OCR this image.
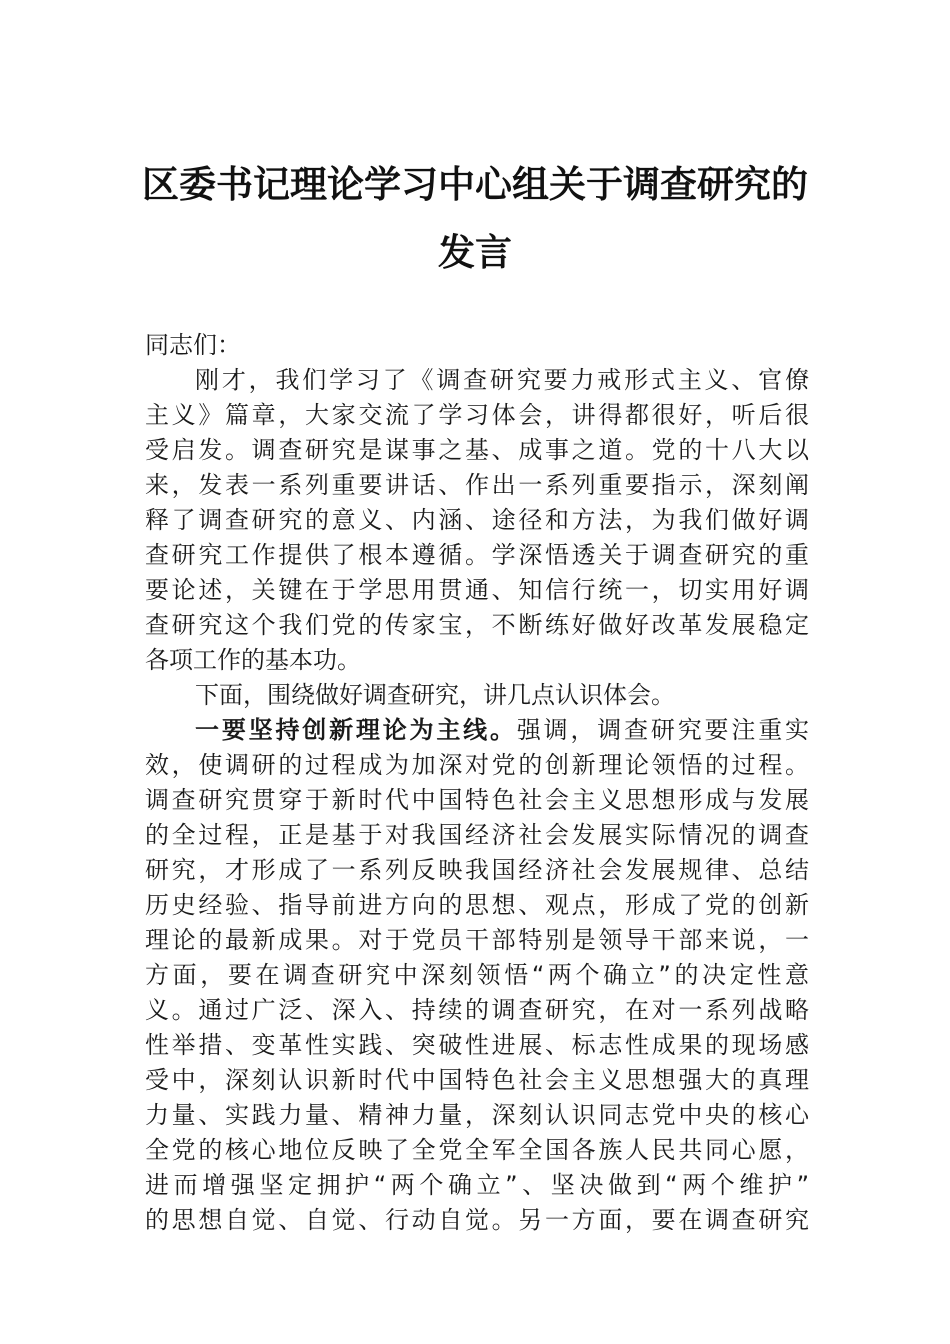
区委书记理论学习中心组关于调查研究的
发言
同志们：
刚才，我们学习了《调查研究要力戒形式主义、官僚
主义》篇章，大家交流了学习体会，讲得都很好，听后很
受启发。调查研究是谋事之基、成事之道。党的十八大以
来，发表一系列重要讲话、作出一系列重要指示，深刻阐
释了调查研究的意义、内涵、途径和方法，为我们做好调
查研究工作提供了根本遵循。学深悟透关于调查研究的重
要论述，关键在于学思用贯通、知信行统一，切实用好调
查研究这个我们党的传家宝，不断练好做好改革发展稳定
各项工作的基本功。
下面，围绕做好调查研究，讲几点认识体会。
一要坚持创新理论为主线。强调，调查研究要注重实
效，使调研的过程成为加深对党的创新理论领悟的过程。
调查研究贯穿于新时代中国特色社会主义思想形成与发展
的全过程，正是基于对我国经济社会发展实际情况的调查
研究，才形成了一系列反映我国经济社会发展规律、总结
历史经验、指导前进方向的思想、观点，形成了党的创新
理论的最新成果。对于党员干部特别是领导干部来说，一
方面，要在调查研究中深刻领悟“两个确立”的决定性意
义。通过广泛、深入、持续的调查研究，在对一系列战略
性举措、变革性实践、突破性进展、标志性成果的现场感
受中，深刻认识新时代中国特色社会主义思想强大的真理
力量、实践力量、精神力量，深刻认识同志党中央的核心
全党的核心地位反映了全党全军全国各族人民共同心愿，
进而增强坚定拥护“两个确立”、坚决做到“两个维护”
的思想自觉、自觉、行动自觉。另一方面，要在调查研究
